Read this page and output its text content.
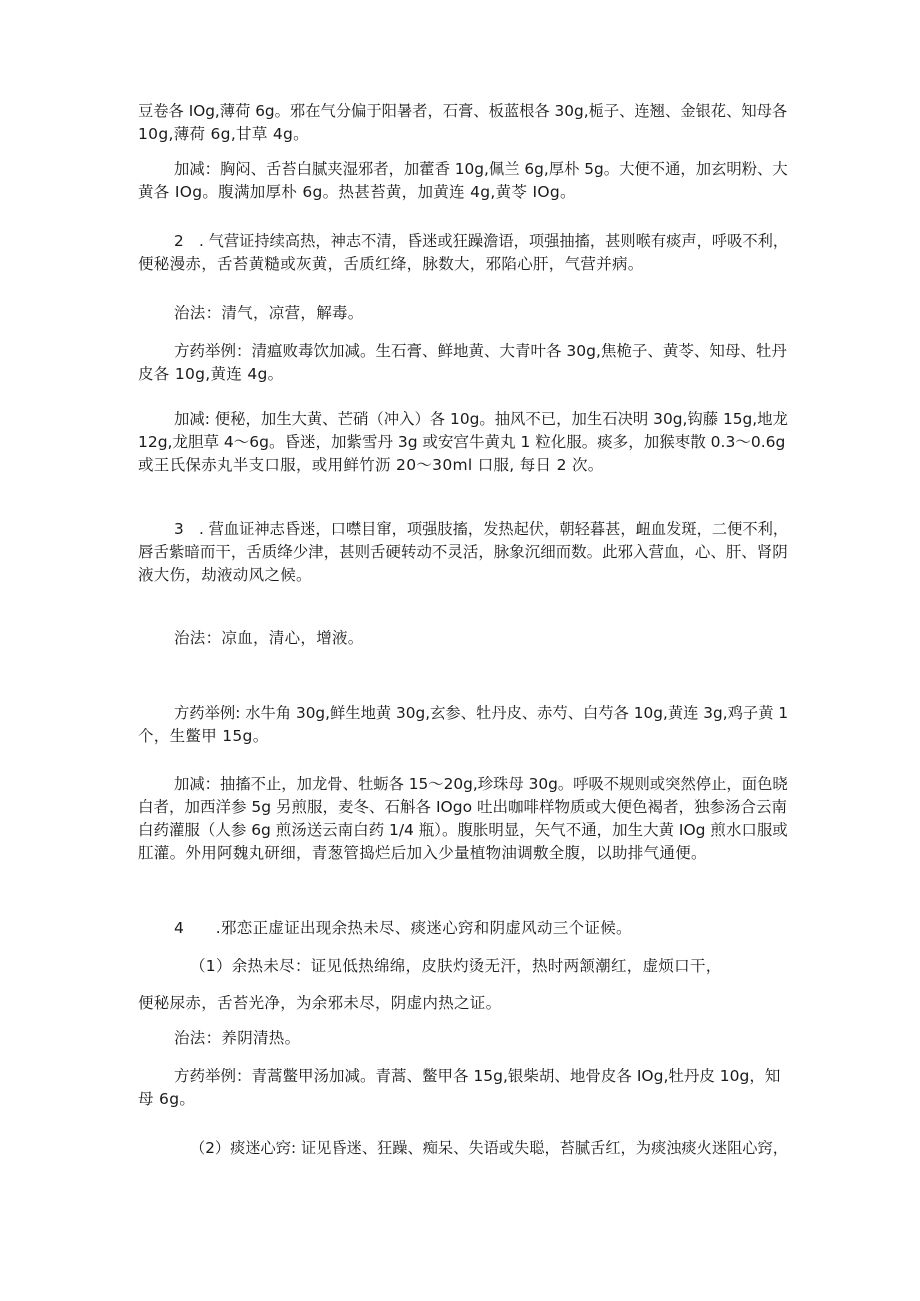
豆卷各 IOg,薄荷 6g。邪在气分偏于阳暑者，石膏、板蓝根各 30g,栀子、连翘、金银花、知母各
10g,薄荷 6g,甘草 4g。

加减：胸闷、舌苔白腻夹湿邪者，加藿香 10g,佩兰 6g,厚朴 5g。大便不通，加玄明粉、大
黄各 IOg。腹满加厚朴 6g。热甚苔黄，加黄连 4g,黄苓 IOg。

2　. 气营证持续高热，神志不清，昏迷或狂躁澹语，项强抽搐，甚则喉有痰声，呼吸不利，
便秘漫赤，舌苔黄糙或灰黄，舌质红绛，脉数大，邪陷心肝，气营并病。

治法：清气，凉营，解毒。

方药举例：清瘟败毒饮加减。生石膏、鲜地黄、大青叶各 30g,焦桅子、黄苓、知母、牡丹
皮各 10g,黄连 4g。

加减: 便秘，加生大黄、芒硝（冲入）各 10g。抽风不已，加生石决明 30g,钩藤 15g,地龙
12g,龙胆草 4～6g。昏迷，加紫雪丹 3g 或安宫牛黄丸 1 粒化服。痰多，加猴枣散 0.3～0.6g
或王氏保赤丸半支口服，或用鲜竹沥 20～30ml 口服, 每日 2 次。

3　. 营血证神志昏迷，口噤目窜，项强肢搐，发热起伏，朝轻暮甚，衄血发斑，二便不利，
唇舌紫暗而干，舌质绛少津，甚则舌硬转动不灵活，脉象沉细而数。此邪入营血，心、肝、肾阴
液大伤，劫液动风之候。

治法：凉血，清心，增液。

方药举例: 水牛角 30g,鲜生地黄 30g,玄参、牡丹皮、赤芍、白芍各 10g,黄连 3g,鸡子黄 1
个，生鳖甲 15g。

加减：抽搐不止，加龙骨、牡蛎各 15～20g,珍珠母 30g。呼吸不规则或突然停止，面色晓
白者，加西洋参 5g 另煎服，麦冬、石斛各 IOgo 吐出咖啡样物质或大便色褐者，独参汤合云南
白药灌服（人参 6g 煎汤送云南白药 1/4 瓶）。腹胀明显，矢气不通，加生大黄 IOg 煎水口服或
肛灌。外用阿魏丸研细，青葱管捣烂后加入少量植物油调敷全腹，以助排气通便。

4　　.邪恋正虚证出现余热未尽、痰迷心窍和阴虚风动三个证候。

（1）余热未尽：证见低热绵绵，皮肤灼烫无汗，热时两颔潮红，虚烦口干，

便秘尿赤，舌苔光净，为余邪未尽，阴虚内热之证。

治法：养阴清热。

方药举例：青蒿鳖甲汤加减。青蒿、鳖甲各 15g,银柴胡、地骨皮各 IOg,牡丹皮 10g，知
母 6g。

（2）痰迷心窍: 证见昏迷、狂躁、痴呆、失语或失聪，苔腻舌红，为痰浊痰火迷阻心窍，
